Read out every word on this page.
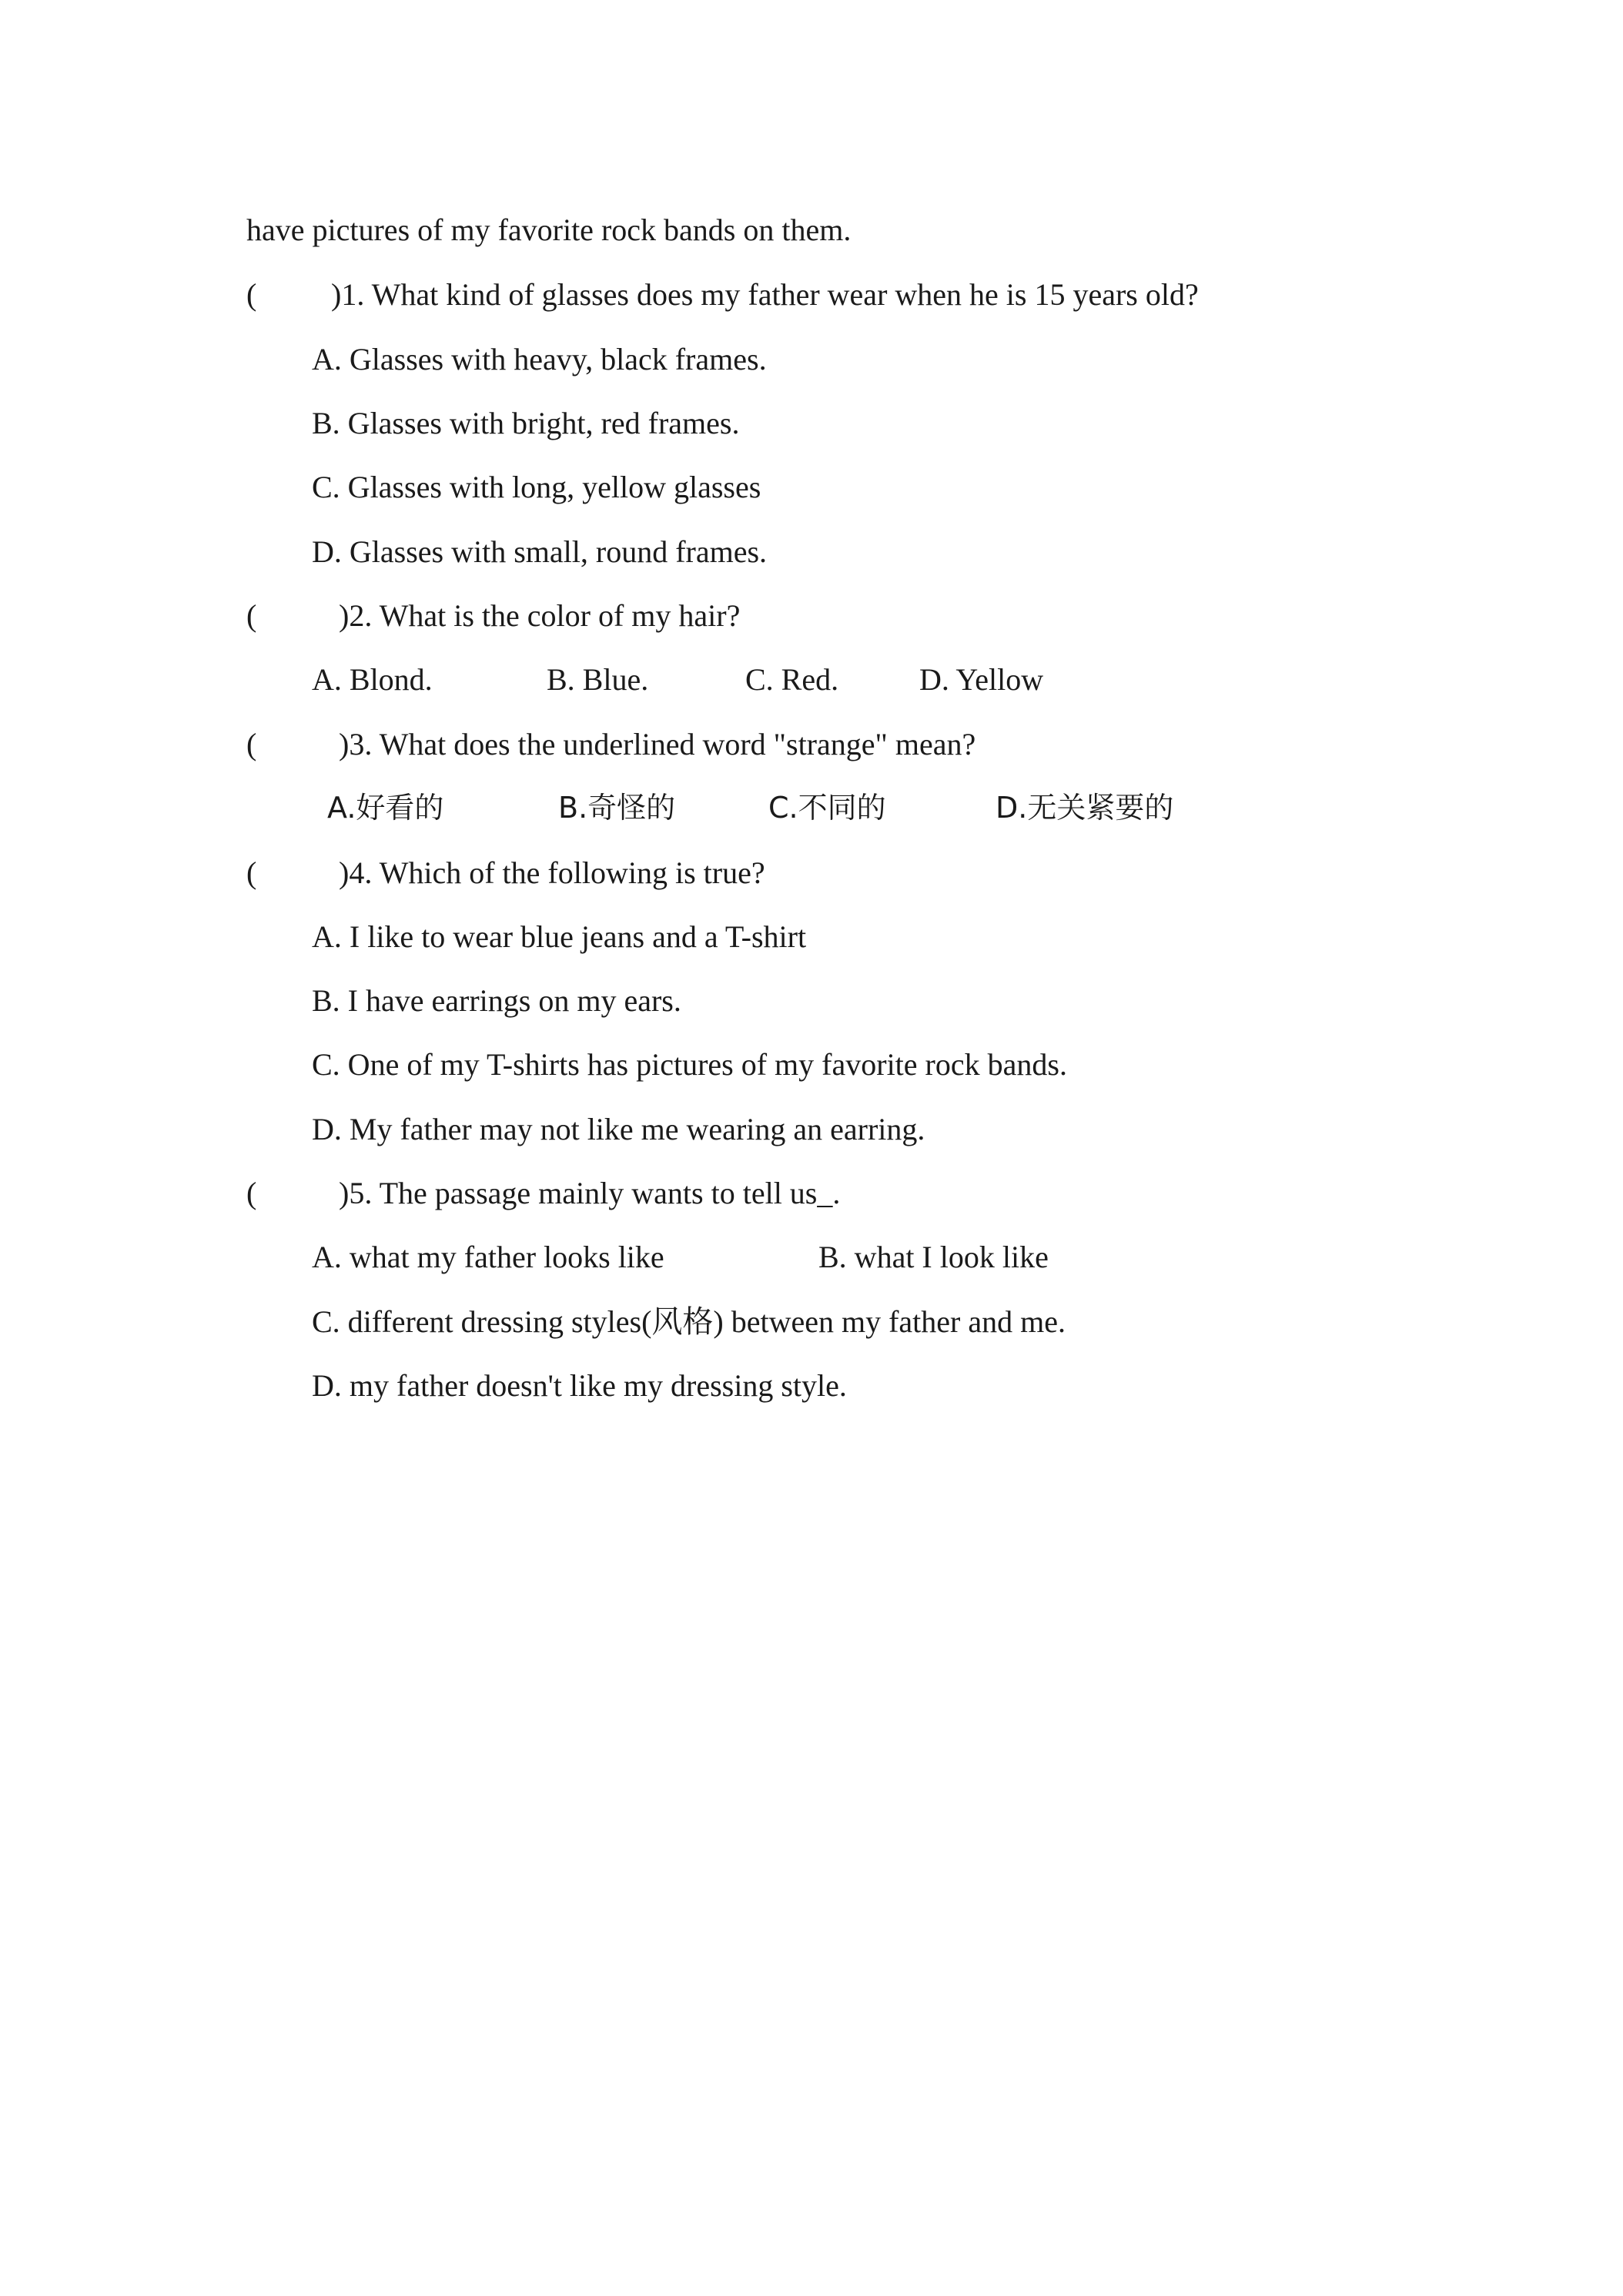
have pictures of my favorite rock bands on them.
( )1. What kind of glasses does my father wear when he is 15 years old?
A. Glasses with heavy, black frames.
B. Glasses with bright, red frames.
C. Glasses with long, yellow glasses
D. Glasses with small, round frames.
(	)2. What is the color of my hair?
A. Blond.	B. Blue.	C. Red.	D. Yellow
(	)3. What does the underlined word "strange" mean?
A.好看的	B.奇怪的	C.不同的	D.无关紧要的
(	)4. Which of the following is true?
A. I like to wear blue jeans and a T-shirt
B. I have earrings on my ears.
C. One of my T-shirts has pictures of my favorite rock bands.
D. My father may not like me wearing an earring.
(	)5. The passage mainly wants to tell us_.
A. what my father looks like	B. what I look like
C. different dressing styles(风格) between my father and me.
D. my father doesn't like my dressing style.
